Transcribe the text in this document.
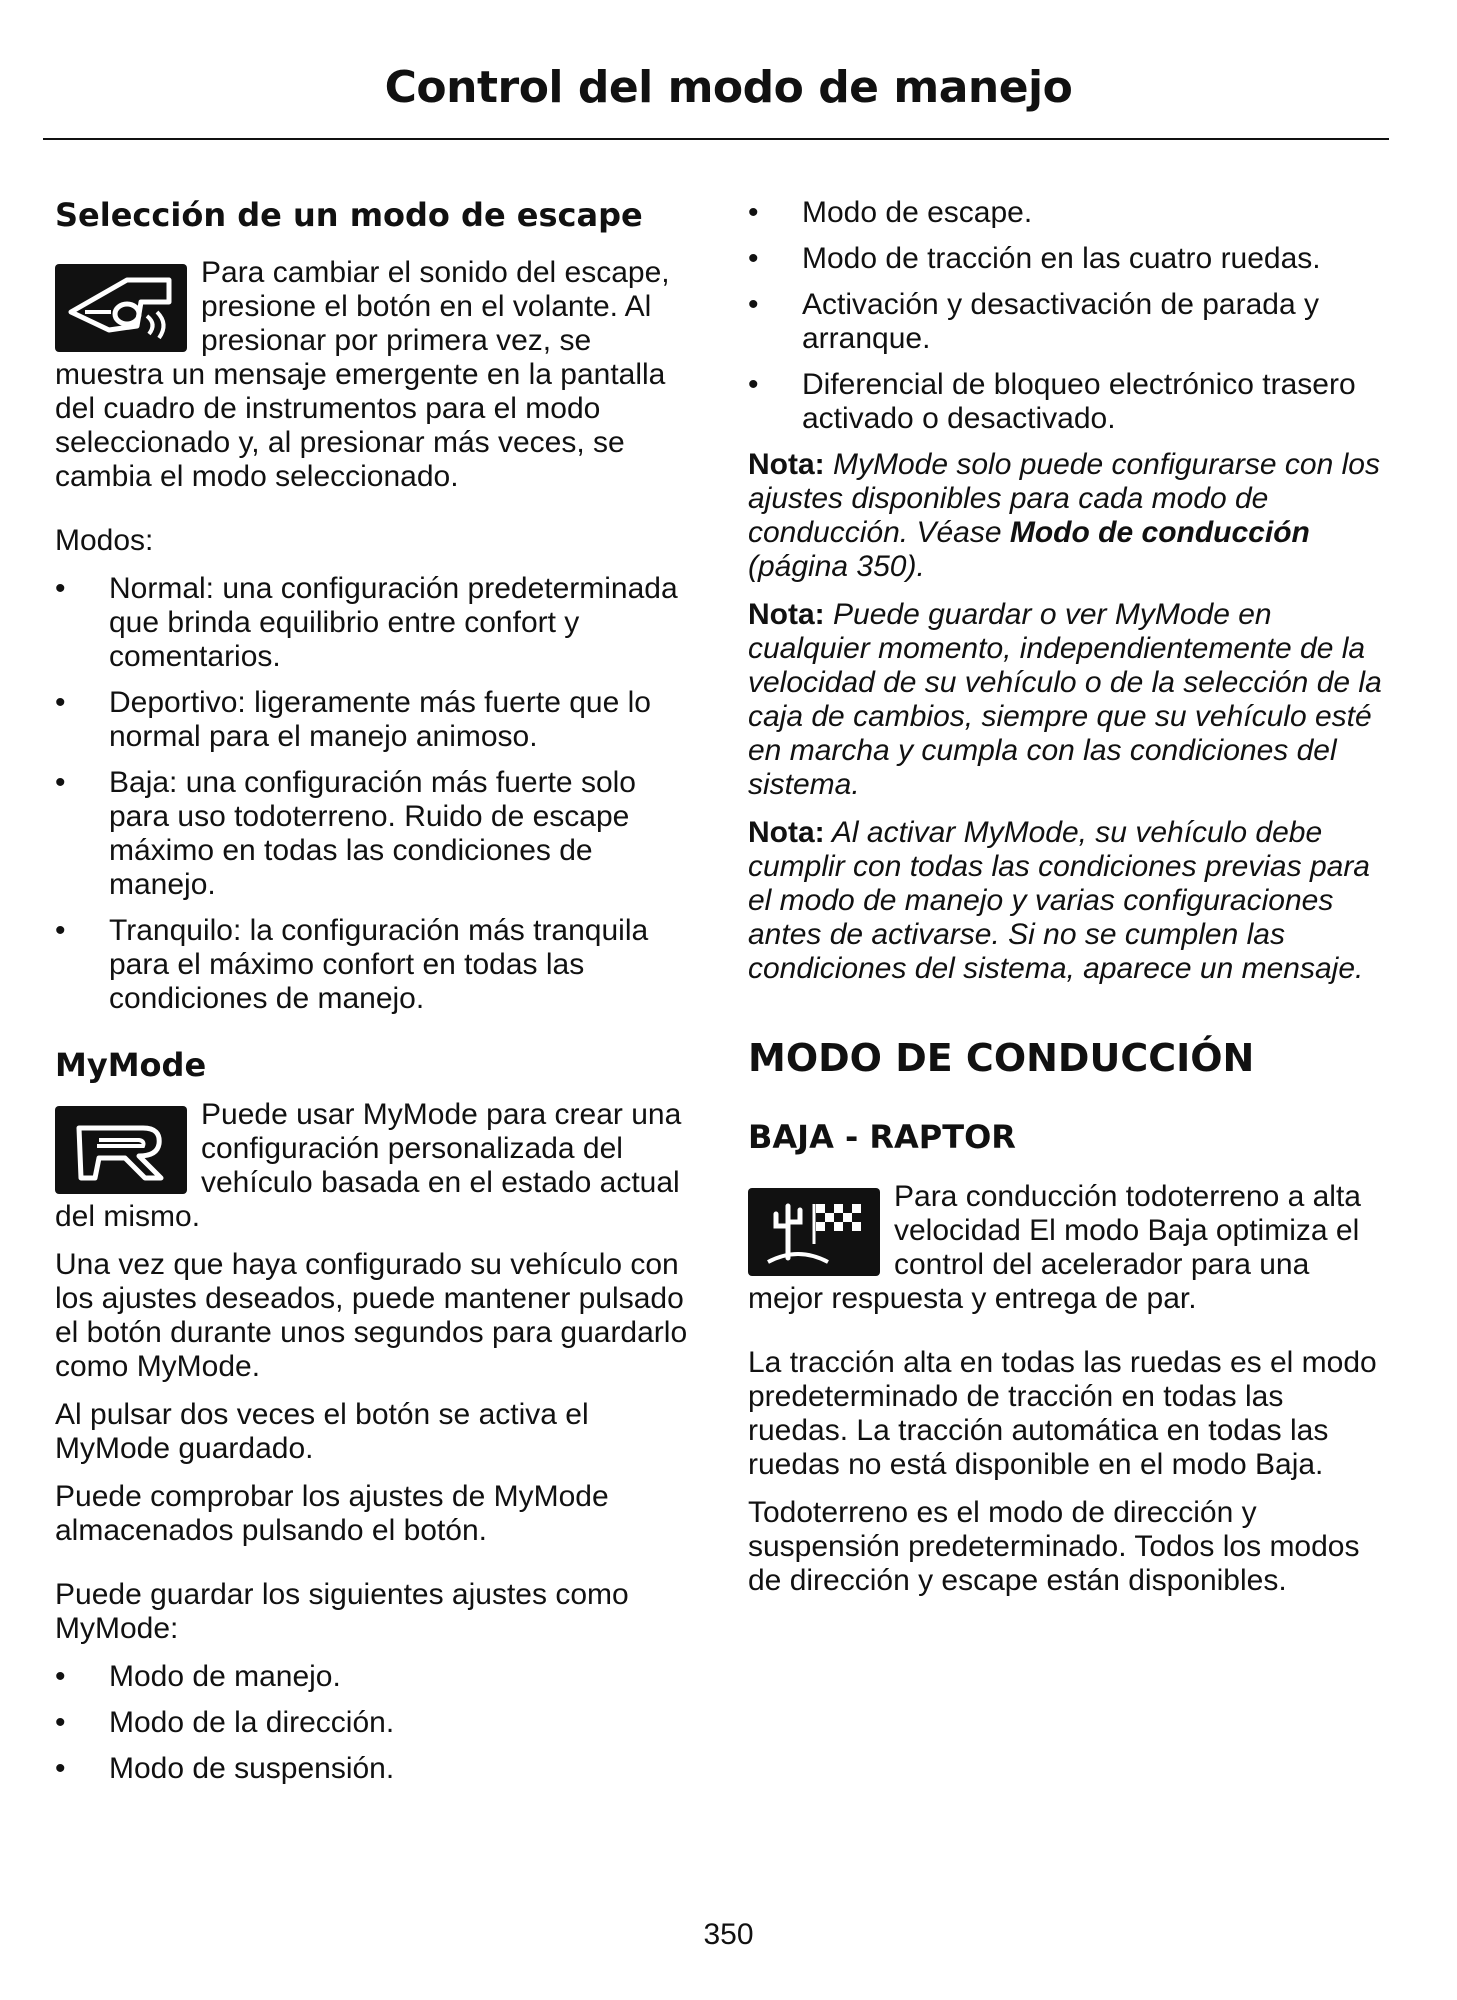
Control del modo de manejo
Selección de un modo de escape

Para cambiar el sonido del escape, presione el botón en el volante. Al presionar por primera vez, se muestra un mensaje emergente en la pantalla del cuadro de instrumentos para el modo seleccionado y, al presionar más veces, se cambia el modo seleccionado.

Modos:

•	Normal: una configuración predeterminada que brinda equilibrio entre confort y comentarios.
•	Deportivo: ligeramente más fuerte que lo normal para el manejo animoso.
•	Baja: una configuración más fuerte solo para uso todoterreno. Ruido de escape máximo en todas las condiciones de manejo.
•	Tranquilo: la configuración más tranquila para el máximo confort en todas las condiciones de manejo.
MyMode

Puede usar MyMode para crear una configuración personalizada del vehículo basada en el estado actual del mismo.

Una vez que haya configurado su vehículo con los ajustes deseados, puede mantener pulsado el botón durante unos segundos para guardarlo como MyMode.

Al pulsar dos veces el botón se activa el MyMode guardado.

Puede comprobar los ajustes de MyMode almacenados pulsando el botón.

Puede guardar los siguientes ajustes como MyMode:

•	Modo de manejo.
•	Modo de la dirección.
•	Modo de suspensión.
•	Modo de escape.
•	Modo de tracción en las cuatro ruedas.
•	Activación y desactivación de parada y arranque.
•	Diferencial de bloqueo electrónico trasero activado o desactivado.

Nota: MyMode solo puede configurarse con los ajustes disponibles para cada modo de conducción. Véase Modo de conducción (página 350).

Nota: Puede guardar o ver MyMode en cualquier momento, independientemente de la velocidad de su vehículo o de la selección de la caja de cambios, siempre que su vehículo esté en marcha y cumpla con las condiciones del sistema.

Nota: Al activar MyMode, su vehículo debe cumplir con todas las condiciones previas para el modo de manejo y varias configuraciones antes de activarse. Si no se cumplen las condiciones del sistema, aparece un mensaje.

MODO DE CONDUCCIÓN
BAJA - RAPTOR

Para conducción todoterreno a alta velocidad El modo Baja optimiza el control del acelerador para una mejor respuesta y entrega de par.

La tracción alta en todas las ruedas es el modo predeterminado de tracción en todas las ruedas. La tracción automática en todas las ruedas no está disponible en el modo Baja.

Todoterreno es el modo de dirección y suspensión predeterminado. Todos los modos de dirección y escape están disponibles.

350
